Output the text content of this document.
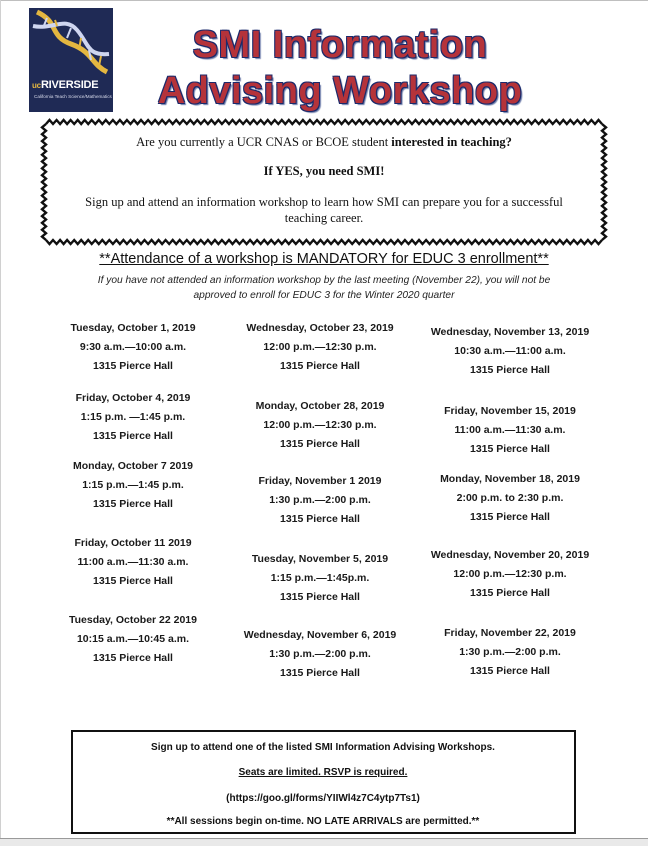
ucRIVERSIDE
California Teach Science/Mathematics
SMI Information
Advising Workshop
Are you currently a UCR CNAS or BCOE student interested in teaching?
If YES, you need SMI!
Sign up and attend an information workshop to learn how SMI can prepare you for a successful teaching career.
**Attendance of a workshop is MANDATORY for EDUC 3 enrollment**
If you have not attended an information workshop by the last meeting (November 22), you will not be approved to enroll for EDUC 3 for the Winter 2020 quarter
Tuesday, October 1, 2019
9:30 a.m.—10:00 a.m.
1315 Pierce Hall
Friday, October 4, 2019
1:15 p.m. —1:45 p.m.
1315 Pierce Hall
Monday, October 7 2019
1:15 p.m.—1:45 p.m.
1315 Pierce Hall
Friday, October 11 2019
11:00 a.m.—11:30 a.m.
1315 Pierce Hall
Tuesday, October 22 2019
10:15 a.m.—10:45 a.m.
1315 Pierce Hall
Wednesday, October 23, 2019
12:00 p.m.—12:30 p.m.
1315 Pierce Hall
Monday, October 28, 2019
12:00 p.m.—12:30 p.m.
1315 Pierce Hall
Friday, November 1 2019
1:30 p.m.—2:00 p.m.
1315 Pierce Hall
Tuesday, November 5, 2019
1:15 p.m.—1:45p.m.
1315 Pierce Hall
Wednesday, November 6, 2019
1:30 p.m.—2:00 p.m.
1315 Pierce Hall
Wednesday, November 13, 2019
10:30 a.m.—11:00 a.m.
1315 Pierce Hall
Friday, November 15, 2019
11:00 a.m.—11:30 a.m.
1315 Pierce Hall
Monday, November 18, 2019
2:00 p.m. to 2:30 p.m.
1315 Pierce Hall
Wednesday, November 20, 2019
12:00 p.m.—12:30 p.m.
1315 Pierce Hall
Friday, November 22, 2019
1:30 p.m.—2:00 p.m.
1315 Pierce Hall
Sign up to attend one of the listed SMI Information Advising Workshops.
Seats are limited. RSVP is required.
(https://goo.gl/forms/YIIWl4z7C4ytp7Ts1)
**All sessions begin on-time. NO LATE ARRIVALS are permitted.**
